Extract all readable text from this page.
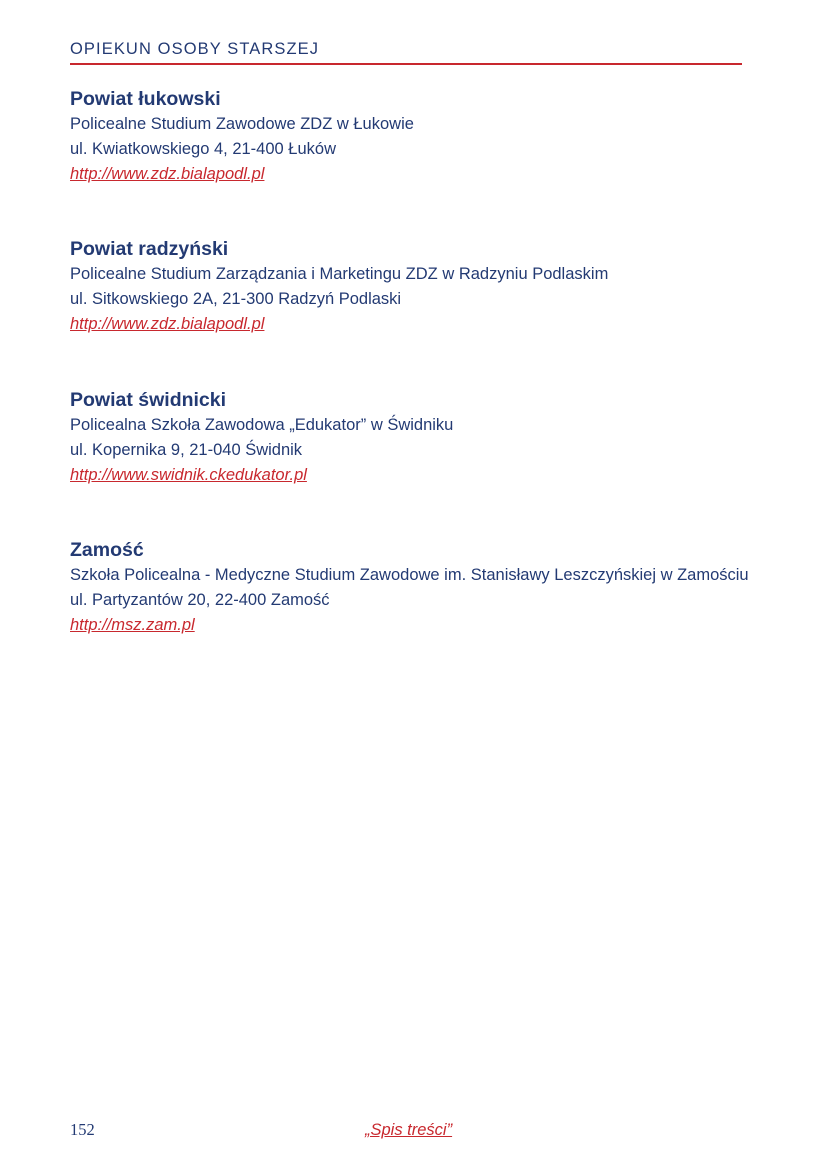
OPIEKUN OSOBY STARSZEJ
Powiat łukowski

Policealne Studium Zawodowe ZDZ w Łukowie

ul. Kwiatkowskiego 4, 21-400 Łuków

http://www.zdz.bialapodl.pl
Powiat radzyński

Policealne Studium Zarządzania i Marketingu ZDZ w Radzyniu Podlaskim

ul. Sitkowskiego 2A, 21-300 Radzyń Podlaski

http://www.zdz.bialapodl.pl
Powiat świdnicki

Policealna Szkoła Zawodowa „Edukator” w Świdniku

ul. Kopernika 9, 21-040 Świdnik

http://www.swidnik.ckedukator.pl
Zamość

Szkoła Policealna - Medyczne Studium Zawodowe im. Stanisławy Leszczyńskiej w Zamościu

ul. Partyzantów 20, 22-400 Zamość

http://msz.zam.pl
152	„Spis treści”
